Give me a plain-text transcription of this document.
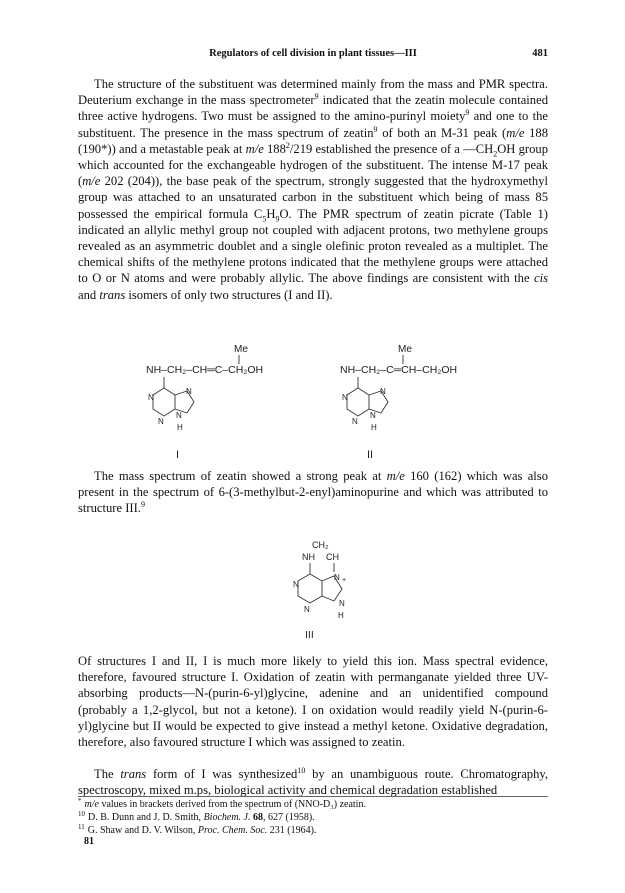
Regulators of cell division in plant tissues—III	481

The structure of the substituent was determined mainly from the mass and PMR spectra. Deuterium exchange in the mass spectrometer$^9$ indicated that the zeatin molecule contained three active hydrogens. Two must be assigned to the amino-purinyl moiety$^9$ and one to the substituent. The presence in the mass spectrum of zeatin$^9$ of both an M-31 peak (m/e 188 (190*)) and a metastable peak at m/e $188^2/219$ established the presence of a $—CH_2OH$ group which accounted for the exchangeable hydrogen of the substituent. The intense M-17 peak (m/e 202 (204)), the base peak of the spectrum, strongly suggested that the hydroxymethyl group was attached to an unsaturated carbon in the substituent which being of mass 85 possessed the empirical formula $C_5H_9O$. The PMR spectrum of zeatin picrate (Table 1) indicated an allylic methyl group not coupled with adjacent protons, two methylene groups revealed as an asymmetric doublet and a single olefinic proton revealed as a multiplet. The chemical shifts of the methylene protons indicated that the methylene groups were attached to O or N atoms and were probably allylic. The above findings are consistent with the cis and trans isomers of only two structures (I and II).

Me
NH‒CH₂‒CH═C‒CH₂OH
N
N
N
N
H
I
Me
NH‒CH₂‒C═CH‒CH₂OH
N
N
N
N
H
II
CH₂
NH CH
N
N
N +
N
H
III

The mass spectrum of zeatin showed a strong peak at m/e 160 (162) which was also present in the spectrum of 6-(3-methylbut-2-enyl)aminopurine and which was attributed to structure III.$^9$

Of structures I and II, I is much more likely to yield this ion. Mass spectral evidence, therefore, favoured structure I. Oxidation of zeatin with permanganate yielded three UV-absorbing products—N-(purin-6-yl)glycine, adenine and an unidentified compound (probably a 1,2-glycol, but not a ketone). I on oxidation would readily yield N-(purin-6-yl)glycine but II would be expected to give instead a methyl ketone. Oxidative degradation, therefore, also favoured structure I which was assigned to zeatin.

The trans form of I was synthesized$^{10}$ by an unambiguous route. Chromatography, spectroscopy, mixed m.ps, biological activity and chemical degradation established

* m/e values in brackets derived from the spectrum of (NNO-D₃) zeatin.
$^{10}$ D. B. Dunn and J. D. Smith, Biochem. J. 68, 627 (1958).
$^{11}$ G. Shaw and D. V. Wilson, Proc. Chem. Soc. 231 (1964).
81
